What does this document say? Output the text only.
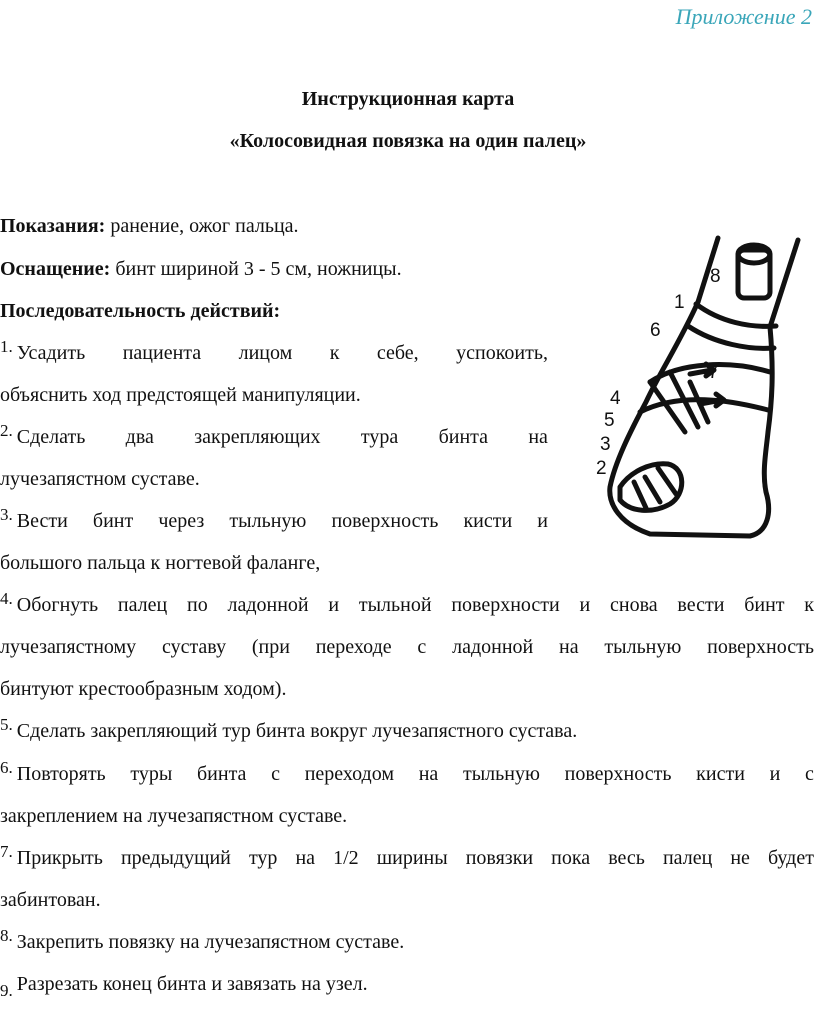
Приложение 2
Инструкционная карта
«Колосовидная повязка на один палец»
Показания: ранение, ожог пальца.
Оснащение: бинт шириной 3 - 5 см, ножницы.
Последовательность действий:
$^{1.}$ Усадить пациента лицом к себе, успокоить,
объяснить ход предстоящей манипуляции.
$^{2.}$ Сделать два закрепляющих тура бинта на
лучезапястном суставе.
$^{3.}$ Вести бинт через тыльную поверхность кисти и
большого пальца к ногтевой фаланге,
$^{4.}$ Обогнуть палец по ладонной и тыльной поверхности и снова вести бинт к
лучезапястному суставу (при переходе с ладонной на тыльную поверхность
бинтуют крестообразным ходом).
$^{5.}$ Сделать закрепляющий тур бинта вокруг лучезапястного сустава.
$^{6.}$ Повторять туры бинта с переходом на тыльную поверхность кисти и с
закреплением на лучезапястном суставе.
$^{7.}$ Прикрыть предыдущий тур на 1/2 ширины повязки пока весь палец не будет
забинтован.
$^{8.}$ Закрепить повязку на лучезапястном суставе.
$_{9.}$ Разрезать конец бинта и завязать на узел.
8
1
6
7
4
5
3
2
